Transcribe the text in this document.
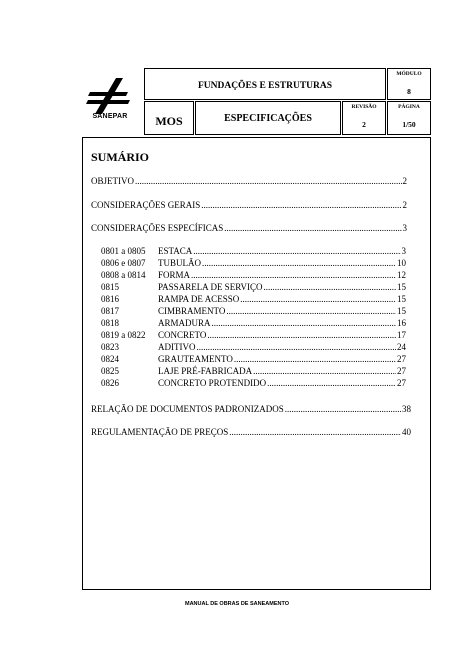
SANEPAR
FUNDAÇÕES E ESTRUTURAS
MÓDULO
8
MOS	ESPECIFICAÇÕES
REVISÃO
2
PÁGINA
1/50
SUMÁRIO
OBJETIVO .....	2
CONSIDERAÇÕES GERAIS .....	2
CONSIDERAÇÕES ESPECÍFICAS .....	3
0801 a 0805	ESTACA .....	3
0806 e 0807	TUBULÃO .....	10
0808 a 0814	FORMA .....	12
0815	PASSARELA DE SERVIÇO .....	15
0816	RAMPA DE ACESSO .....	15
0817	CIMBRAMENTO .....	15
0818	ARMADURA .....	16
0819 a 0822	CONCRETO .....	17
0823	ADITIVO .....	24
0824	GRAUTEAMENTO .....	27
0825	LAJE PRÉ-FABRICADA .....	27
0826	CONCRETO PROTENDIDO .....	27
RELAÇÃO DE DOCUMENTOS PADRONIZADOS .....	38
REGULAMENTAÇÃO DE PREÇOS .....	40
MANUAL DE OBRAS DE SANEAMENTO
